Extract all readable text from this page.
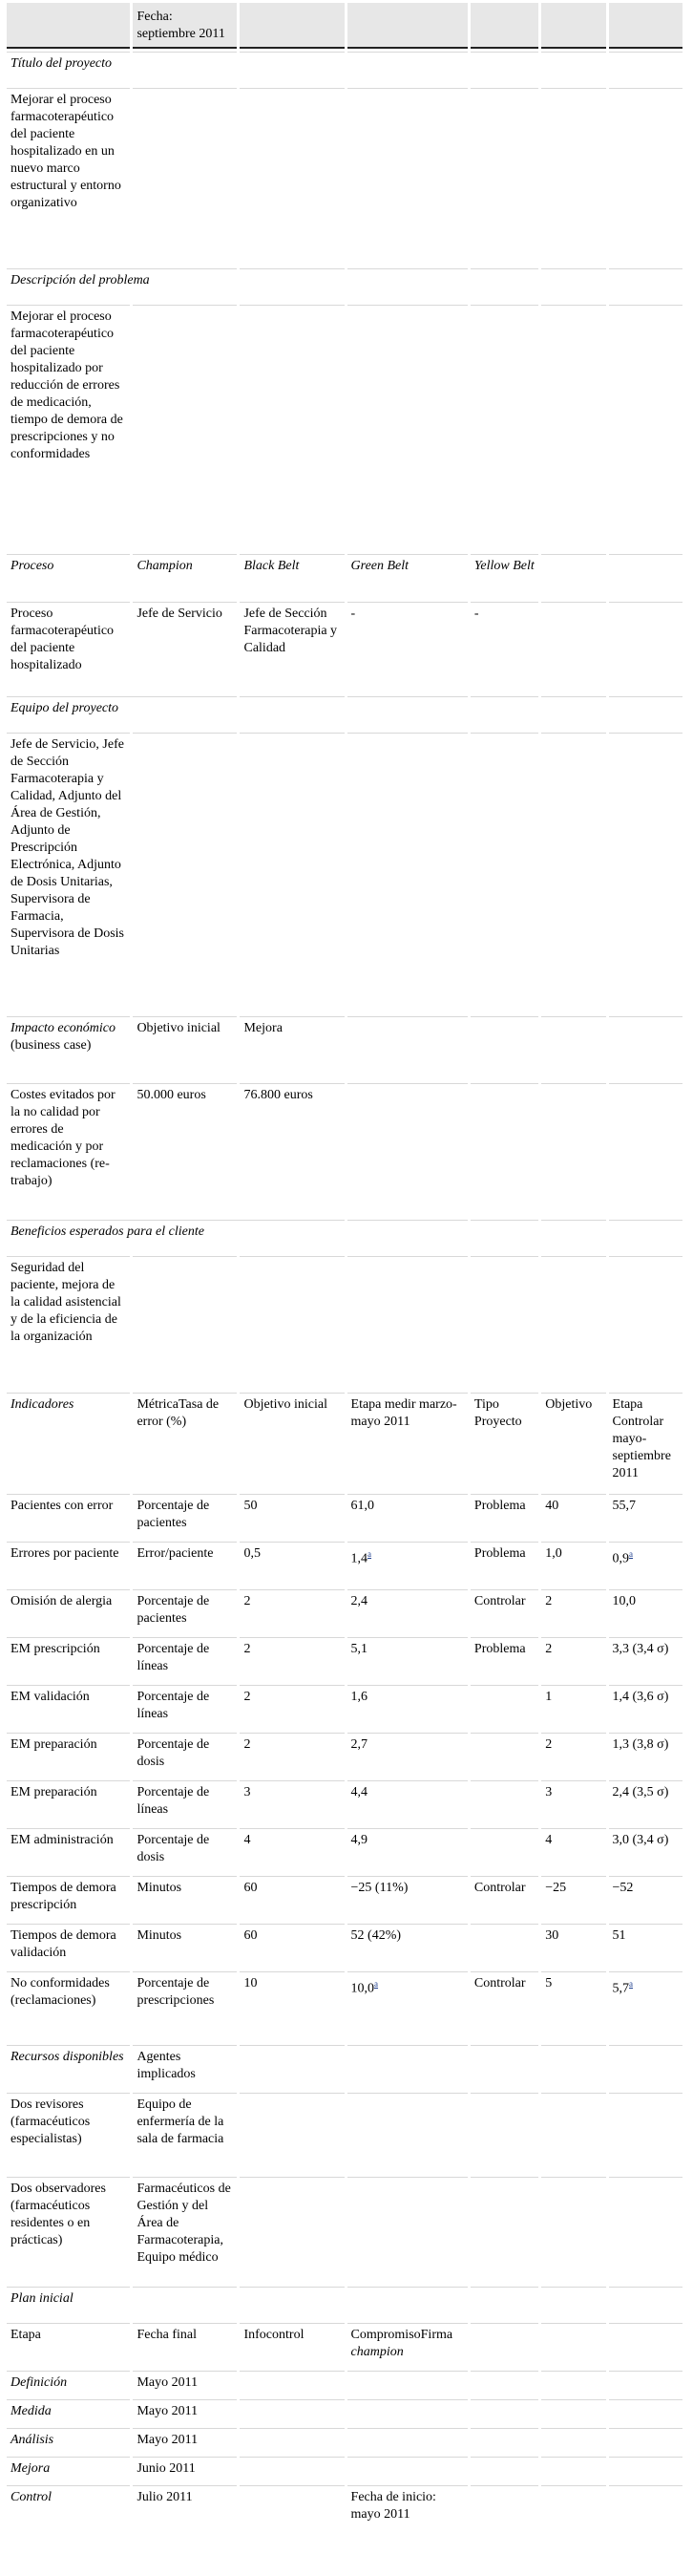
	Fecha: septiembre 2011					
Título del proyecto						
Mejorar el proceso farmacoterapéutico del paciente hospitalizado en un nuevo marco estructural y entorno organizativo						

Descripción del problema						
Mejorar el proceso farmacoterapéutico del paciente hospitalizado por reducción de errores de medicación, tiempo de demora de prescripciones y no conformidades						

Proceso	Champion	Black Belt	Green Belt	Yellow Belt		
Proceso farmacoterapéutico del paciente hospitalizado	Jefe de Servicio	Jefe de Sección Farmacoterapia y Calidad	-	-		

Equipo del proyecto						
Jefe de Servicio, Jefe de Sección Farmacoterapia y Calidad, Adjunto del Área de Gestión, Adjunto de Prescripción Electrónica, Adjunto de Dosis Unitarias, Supervisora de Farmacia, Supervisora de Dosis Unitarias						

Impacto económico (business case)	Objetivo inicial	Mejora				
Costes evitados por la no calidad por errores de medicación y por reclamaciones (re-trabajo)	50.000 euros	76.800 euros				

Beneficios esperados para el cliente						
Seguridad del paciente, mejora de la calidad asistencial y de la eficiencia de la organización						

Indicadores	MétricaTasa de error (%)	Objetivo inicial	Etapa medir marzo- mayo 2011	Tipo Proyecto	Objetivo	Etapa Controlar mayo-septiembre 2011
Pacientes con error	Porcentaje de pacientes	50	61,0	Problema	40	55,7
Errores por paciente	Error/paciente	0,5	1,4$^a$	Problema	1,0	0,9$^a$
Omisión de alergia	Porcentaje de pacientes	2	2,4	Controlar	2	10,0
EM prescripción	Porcentaje de líneas	2	5,1	Problema	2	3,3 (3,4 σ)
EM validación	Porcentaje de líneas	2	1,6		1	1,4 (3,6 σ)
EM preparación	Porcentaje de dosis	2	2,7		2	1,3 (3,8 σ)
EM preparación	Porcentaje de líneas	3	4,4		3	2,4 (3,5 σ)
EM administración	Porcentaje de dosis	4	4,9		4	3,0 (3,4 σ)
Tiempos de demora prescripción	Minutos	60	−25 (11%)	Controlar	−25	−52
Tiempos de demora validación	Minutos	60	52 (42%)		30	51
No conformidades (reclamaciones)	Porcentaje de prescripciones	10	10,0$^a$	Controlar	5	5,7$^a$

Recursos disponibles	Agentes implicados					
Dos revisores (farmacéuticos especialistas)	Equipo de enfermería de la sala de farmacia					
Dos observadores (farmacéuticos residentes o en prácticas)	Farmacéuticos de Gestión y del Área de Farmacoterapia, Equipo médico					

Plan inicial						
Etapa	Fecha final	Infocontrol	CompromisoFirma
champion			
Definición	Mayo 2011					
Medida	Mayo 2011					
Análisis	Mayo 2011					
Mejora	Junio 2011					
Control	Julio 2011		Fecha de inicio: mayo 2011			
